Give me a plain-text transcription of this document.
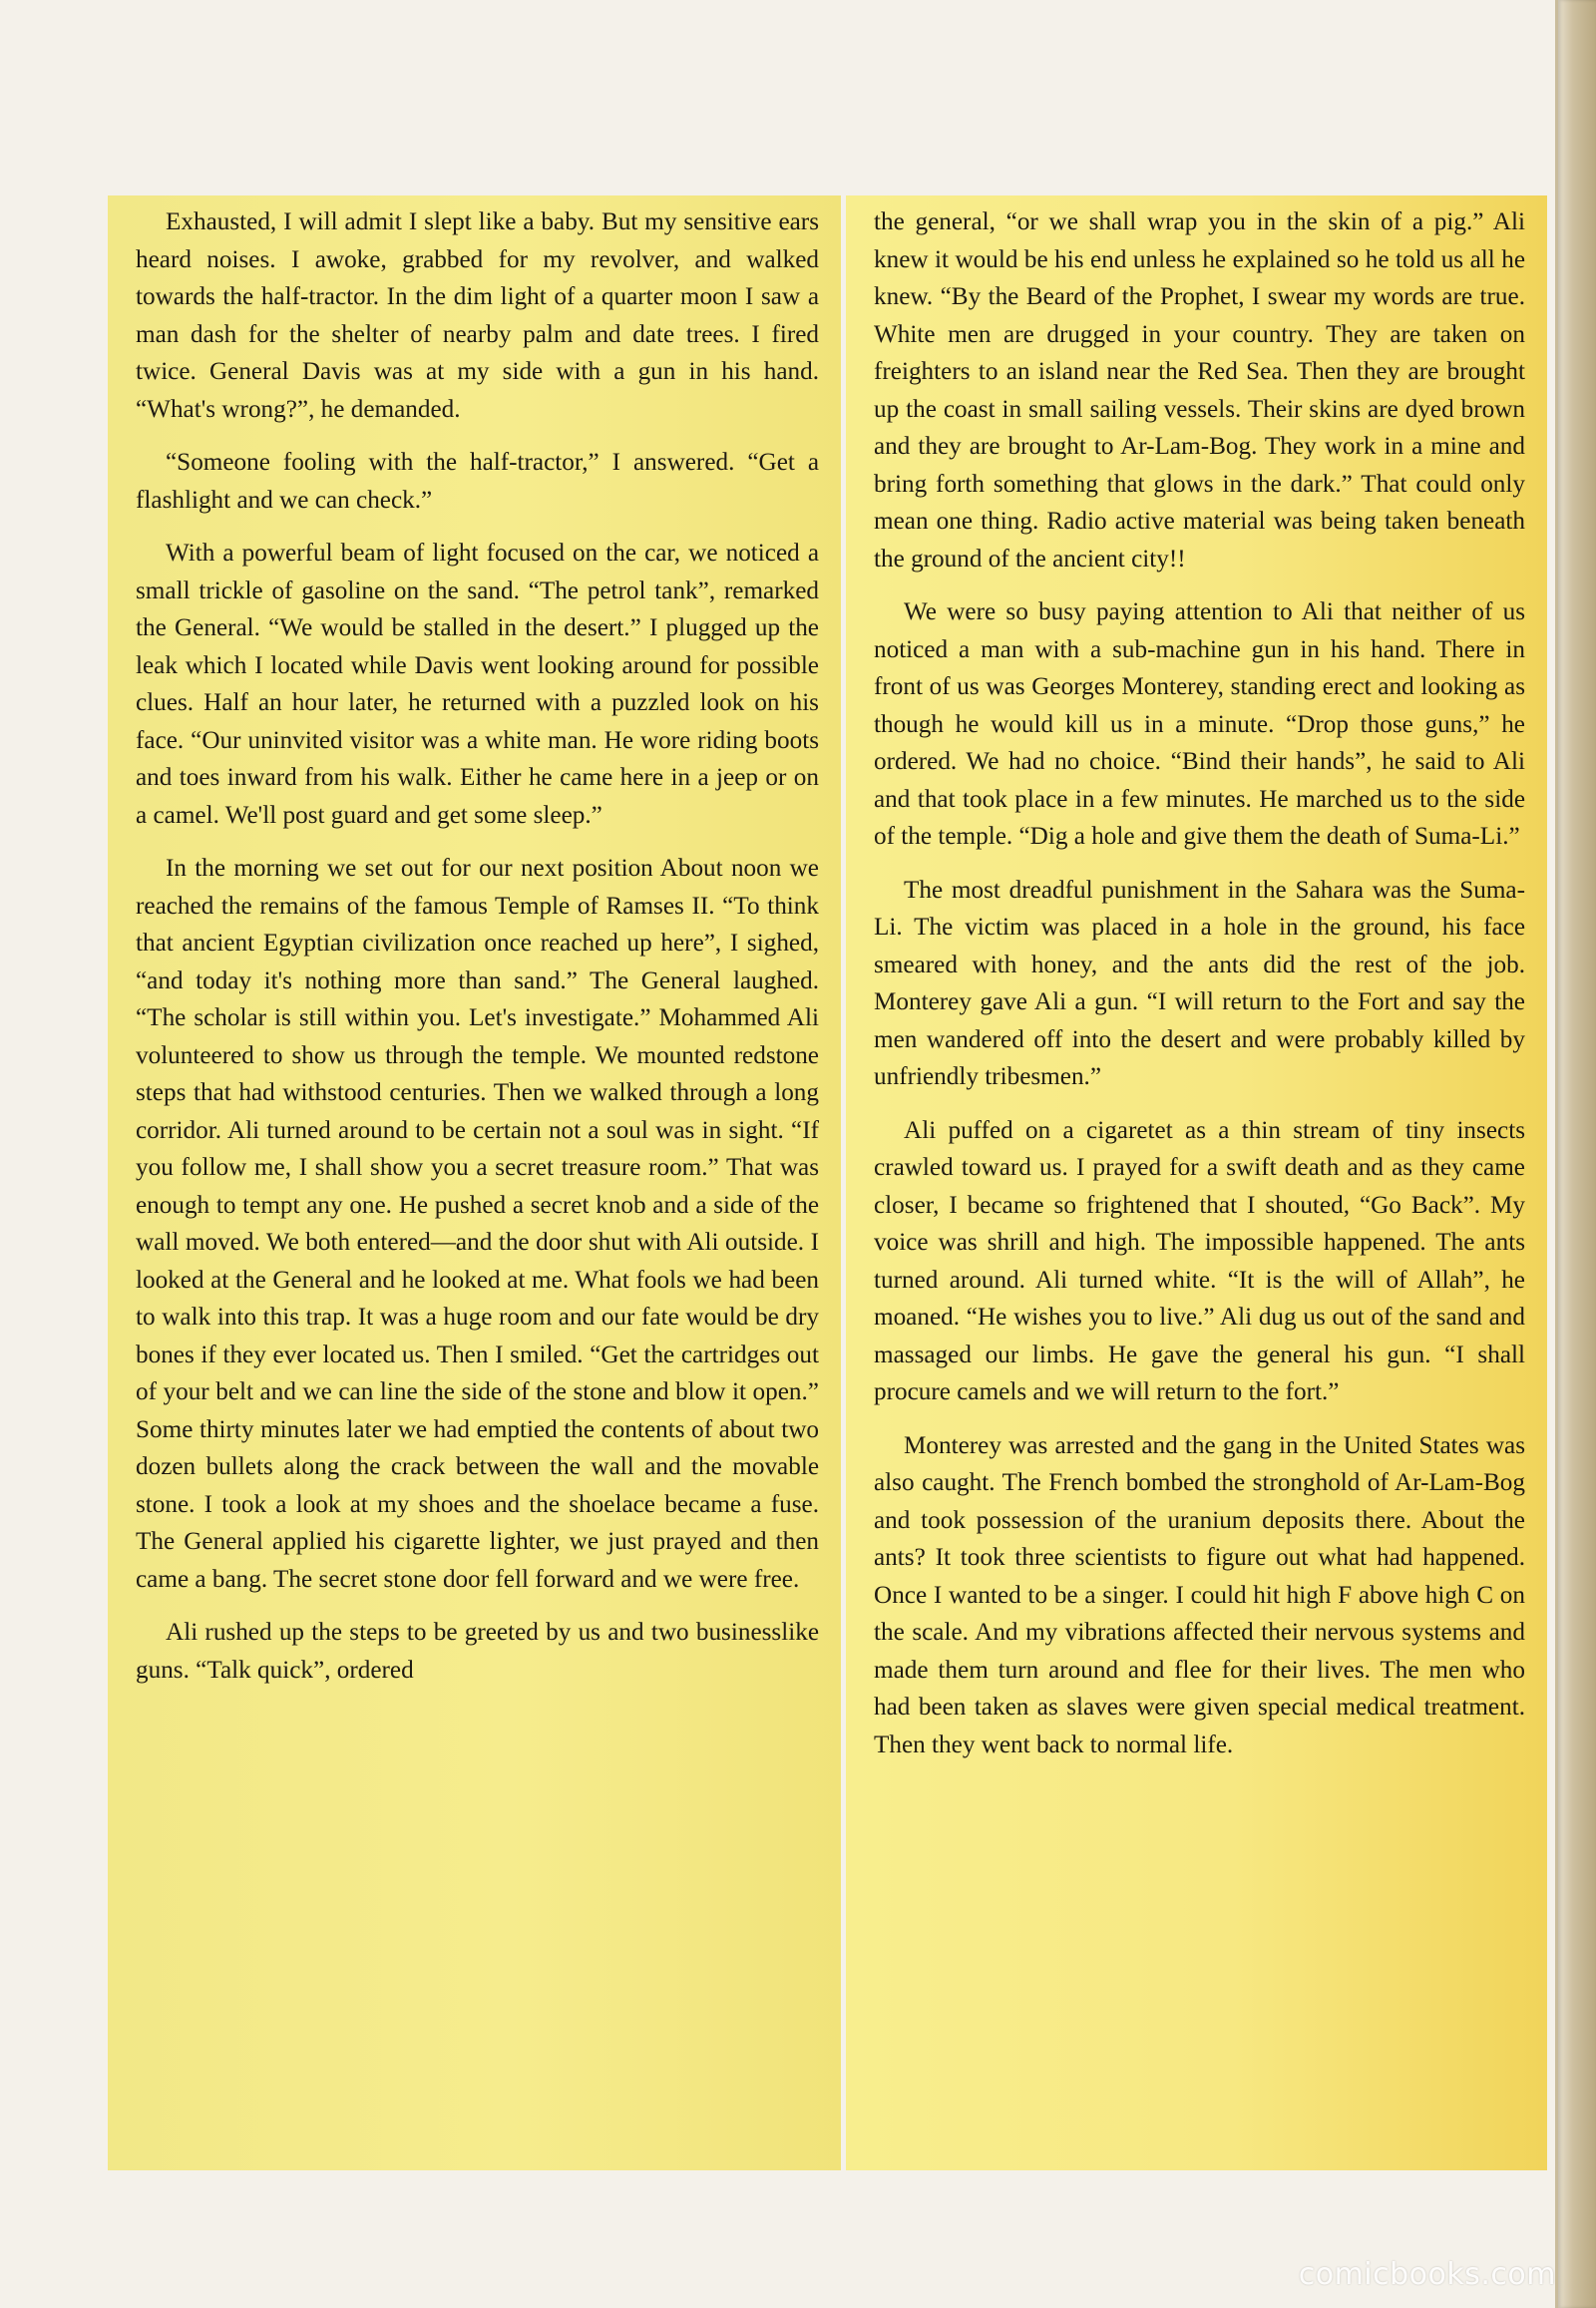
Exhausted, I will admit I slept like a baby. But my sensitive ears heard noises. I awoke, grabbed for my revolver, and walked towards the half-tractor. In the dim light of a quarter moon I saw a man dash for the shelter of nearby palm and date trees. I fired twice. General Davis was at my side with a gun in his hand. “What's wrong?”, he demanded.

“Someone fooling with the half-tractor,” I answered. “Get a flashlight and we can check.”

With a powerful beam of light focused on the car, we noticed a small trickle of gasoline on the sand. “The petrol tank”, remarked the General. “We would be stalled in the desert.” I plugged up the leak which I located while Davis went looking around for possible clues. Half an hour later, he returned with a puzzled look on his face. “Our uninvited visitor was a white man. He wore riding boots and toes inward from his walk. Either he came here in a jeep or on a camel. We'll post guard and get some sleep.”

In the morning we set out for our next position About noon we reached the remains of the famous Temple of Ramses II. “To think that ancient Egyptian civilization once reached up here”, I sighed, “and today it's nothing more than sand.” The General laughed. “The scholar is still within you. Let's investigate.” Mohammed Ali volunteered to show us through the temple. We mounted redstone steps that had withstood centuries. Then we walked through a long corridor. Ali turned around to be certain not a soul was in sight. “If you follow me, I shall show you a secret treasure room.” That was enough to tempt any one. He pushed a secret knob and a side of the wall moved. We both entered—and the door shut with Ali outside. I looked at the General and he looked at me. What fools we had been to walk into this trap. It was a huge room and our fate would be dry bones if they ever located us. Then I smiled. “Get the cartridges out of your belt and we can line the side of the stone and blow it open.” Some thirty minutes later we had emptied the contents of about two dozen bullets along the crack between the wall and the movable stone. I took a look at my shoes and the shoelace became a fuse. The General applied his cigarette lighter, we just prayed and then came a bang. The secret stone door fell forward and we were free.

Ali rushed up the steps to be greeted by us and two businesslike guns. “Talk quick”, ordered

the general, “or we shall wrap you in the skin of a pig.” Ali knew it would be his end unless he explained so he told us all he knew. “By the Beard of the Prophet, I swear my words are true. White men are drugged in your country. They are taken on freighters to an island near the Red Sea. Then they are brought up the coast in small sailing vessels. Their skins are dyed brown and they are brought to Ar-Lam-Bog. They work in a mine and bring forth something that glows in the dark.” That could only mean one thing. Radio active material was being taken beneath the ground of the ancient city!!

We were so busy paying attention to Ali that neither of us noticed a man with a sub-machine gun in his hand. There in front of us was Georges Monterey, standing erect and looking as though he would kill us in a minute. “Drop those guns,” he ordered. We had no choice. “Bind their hands”, he said to Ali and that took place in a few minutes. He marched us to the side of the temple. “Dig a hole and give them the death of Suma-Li.”

The most dreadful punishment in the Sahara was the Suma-Li. The victim was placed in a hole in the ground, his face smeared with honey, and the ants did the rest of the job. Monterey gave Ali a gun. “I will return to the Fort and say the men wandered off into the desert and were probably killed by unfriendly tribesmen.”

Ali puffed on a cigaretet as a thin stream of tiny insects crawled toward us. I prayed for a swift death and as they came closer, I became so frightened that I shouted, “Go Back”. My voice was shrill and high. The impossible happened. The ants turned around. Ali turned white. “It is the will of Allah”, he moaned. “He wishes you to live.” Ali dug us out of the sand and massaged our limbs. He gave the general his gun. “I shall procure camels and we will return to the fort.”

Monterey was arrested and the gang in the United States was also caught. The French bombed the stronghold of Ar-Lam-Bog and took possession of the uranium deposits there. About the ants? It took three scientists to figure out what had happened. Once I wanted to be a singer. I could hit high F above high C on the scale. And my vibrations affected their nervous systems and made them turn around and flee for their lives. The men who had been taken as slaves were given special medical treatment. Then they went back to normal life.

comicbooks.com
